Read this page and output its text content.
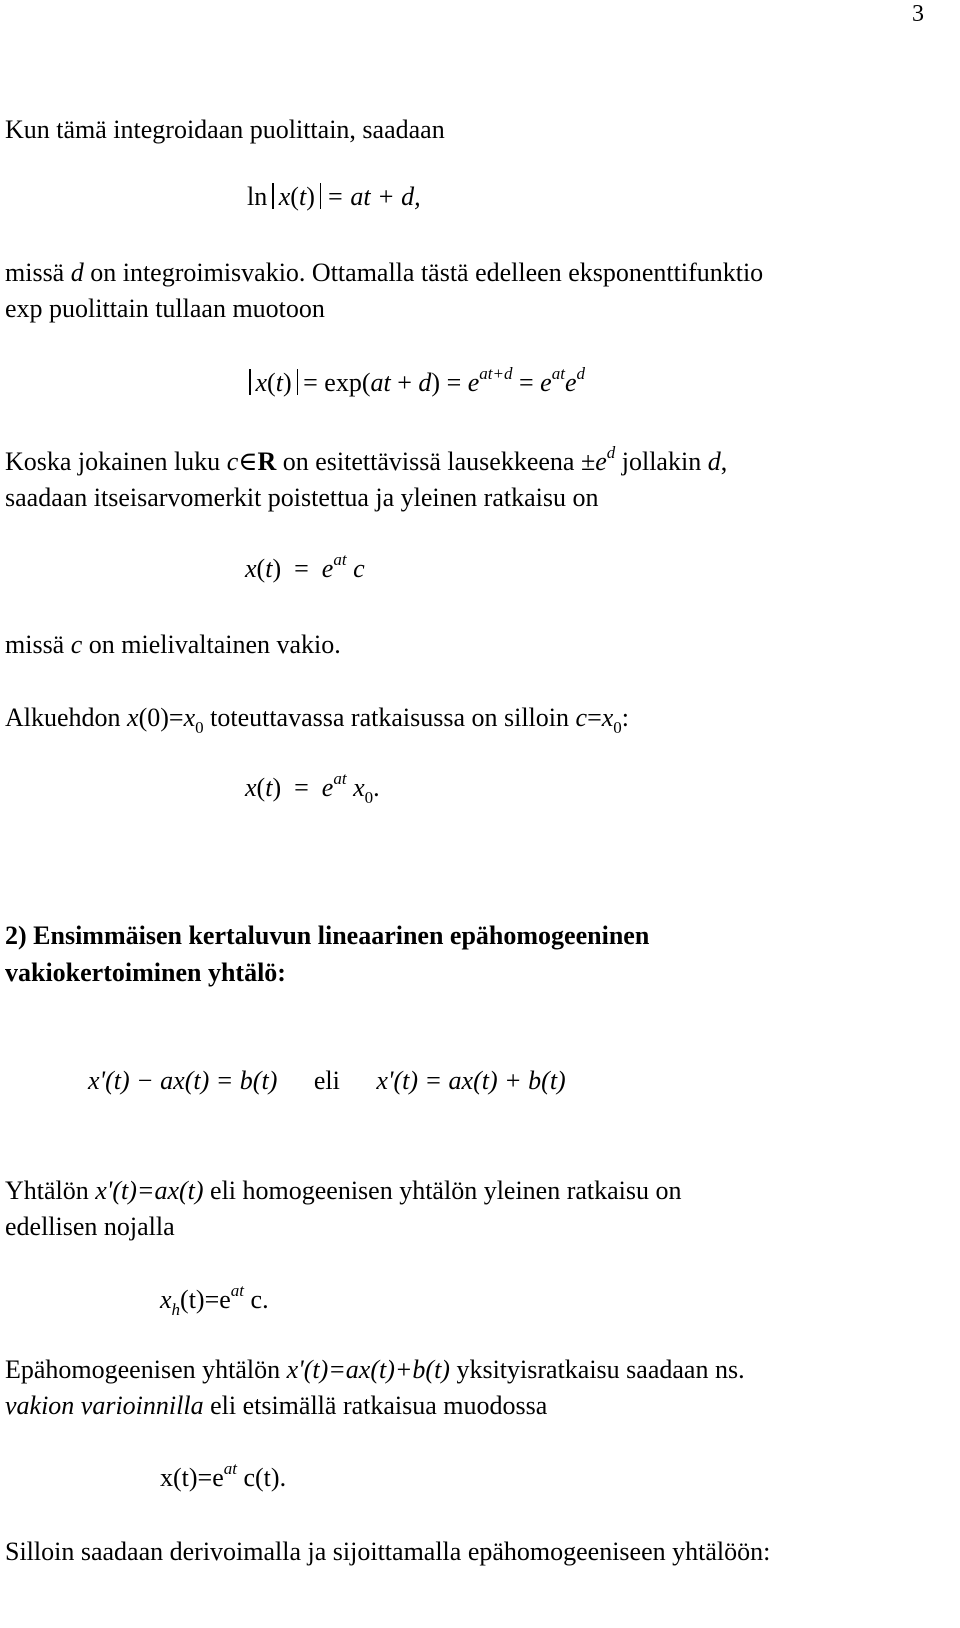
3
Kun tämä integroidaan puolittain, saadaan
ln x(t) = at + d,
missä d on integroimisvakio. Ottamalla tästä edelleen eksponenttifunktio
exp puolittain tullaan muotoon
$x(t) = \exp(at + d) = e^{at+d} = e^{at}e^d$
Koska jokainen luku c∈R on esitettävissä lausekkeena $\pm e^d$ jollakin d,
saadaan itseisarvomerkit poistettua ja yleinen ratkaisu on
$x(t) = e^{at}$ c
missä c on mielivaltainen vakio.
Alkuehdon $x(0)=x_0$ toteuttavassa ratkaisussa on silloin $c=x_0$:
$x(t) = e^{at}$ $x_0$.
2) Ensimmäisen kertaluvun lineaarinen epähomogeeninen
vakiokertoiminen yhtälö:
x'(t) − ax(t) = b(t) eli x'(t) = ax(t) + b(t)
Yhtälön x'(t)=ax(t) eli homogeenisen yhtälön yleinen ratkaisu on
edellisen nojalla
$x_h(t)=e^{at}$ c.
Epähomogeenisen yhtälön x'(t)=ax(t)+b(t) yksityisratkaisu saadaan ns.
vakion varioinnilla eli etsimällä ratkaisua muodossa
$x(t)=e^{at}$ c(t).
Silloin saadaan derivoimalla ja sijoittamalla epähomogeeniseen yhtälöön:
